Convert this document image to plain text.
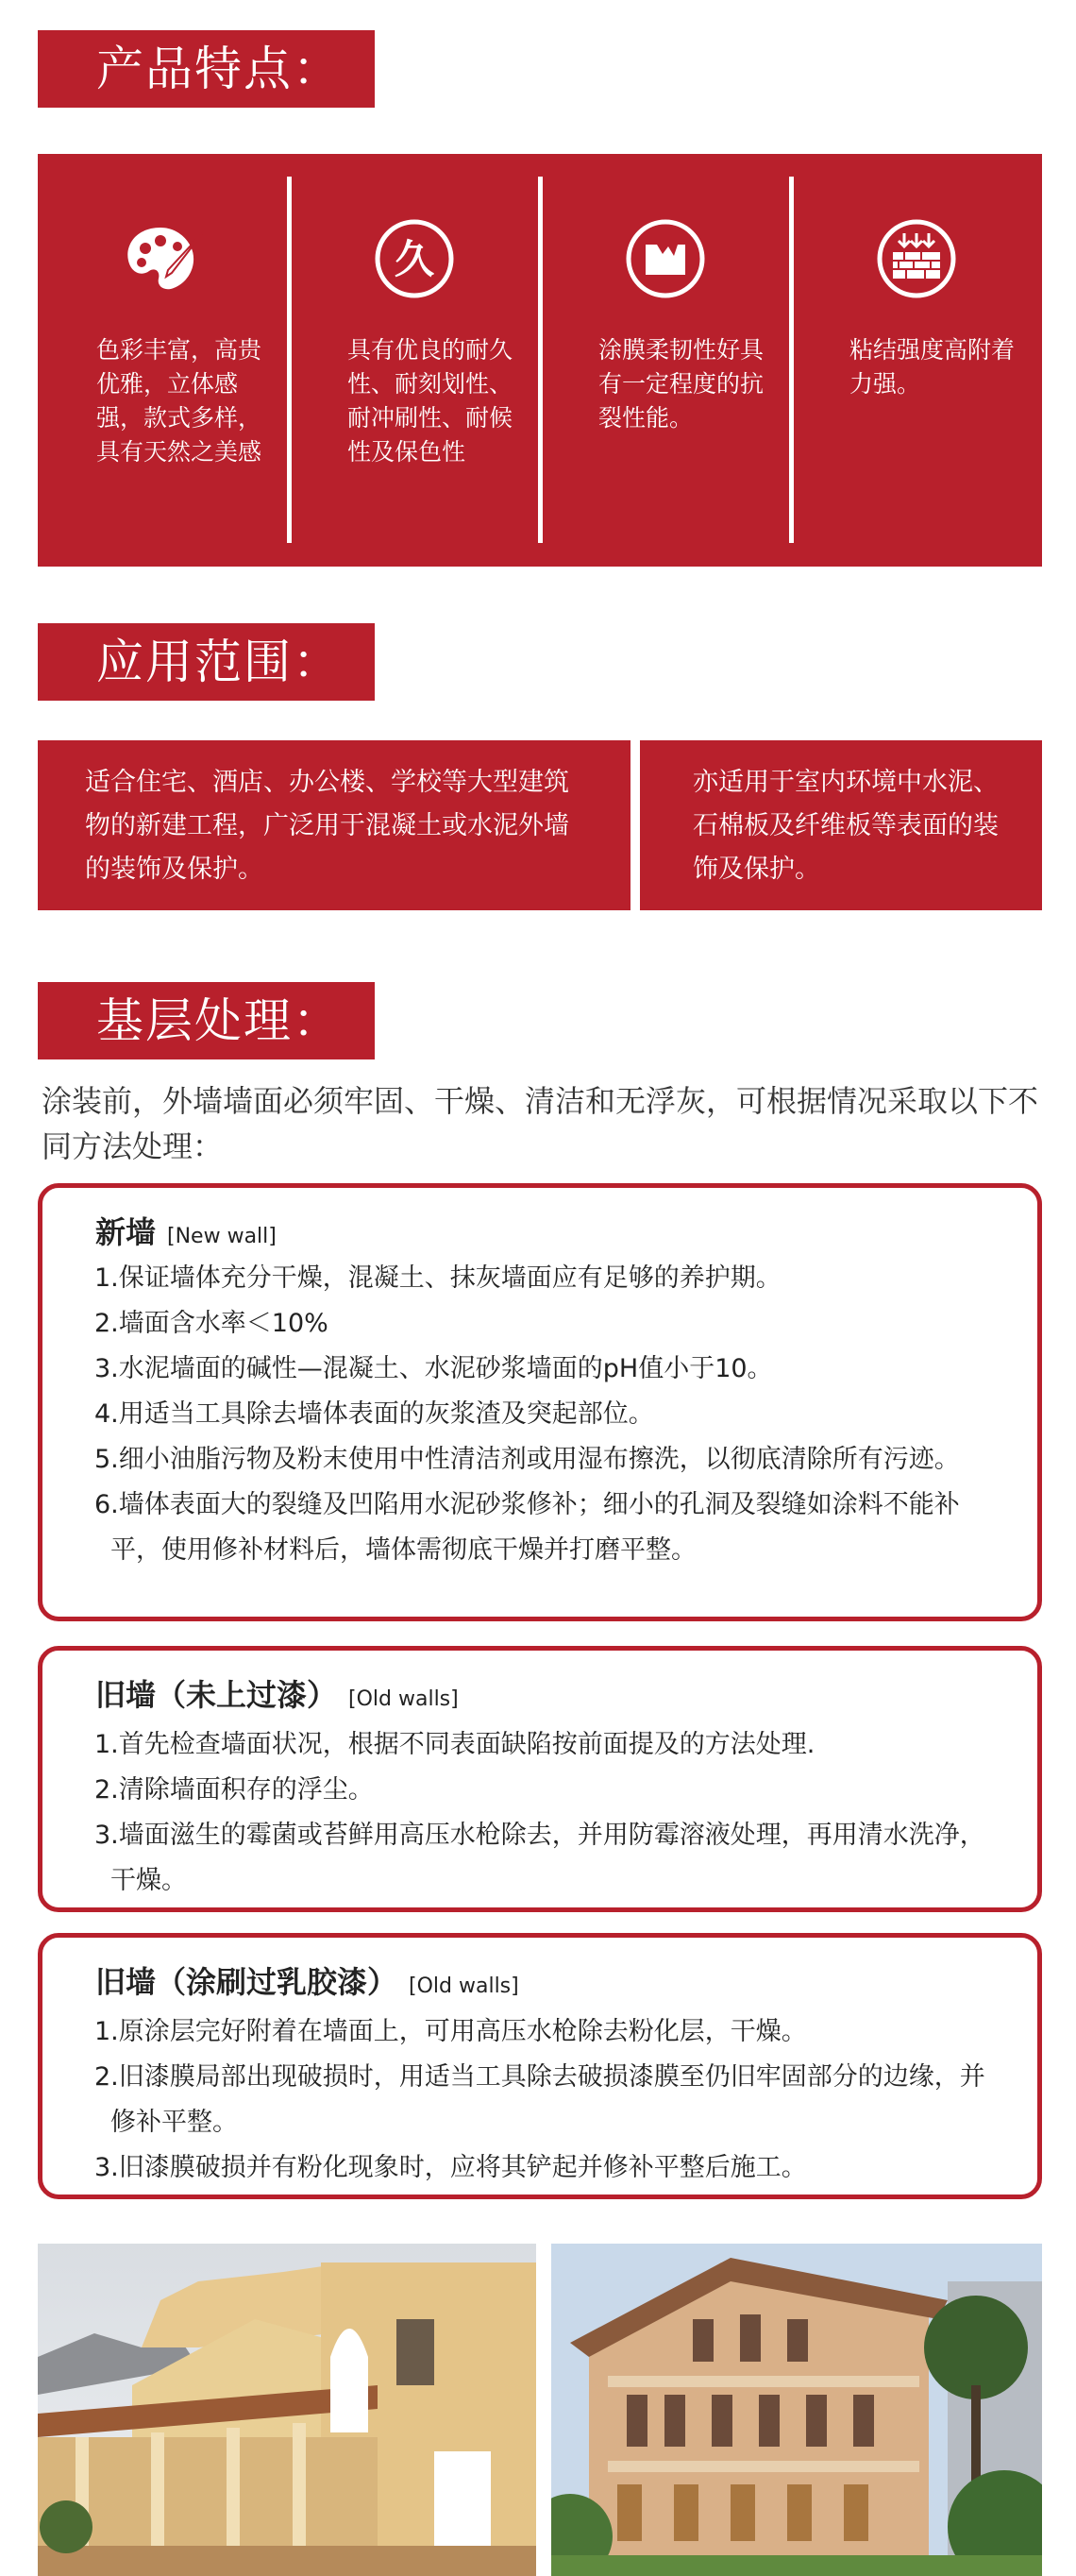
产品特点：
色彩丰富，高贵优雅，立体感强，款式多样，具有天然之美感
久
具有优良的耐久性、耐刻划性、耐冲刷性、耐候性及保色性
涂膜柔韧性好具有一定程度的抗裂性能。
粘结强度高附着力强。
应用范围：
适合住宅、酒店、办公楼、学校等大型建筑物的新建工程，广泛用于混凝土或水泥外墙的装饰及保护。
亦适用于室内环境中水泥、石棉板及纤维板等表面的装饰及保护。
基层处理：
涂装前，外墙墙面必须牢固、干燥、清洁和无浮灰，可根据情况采取以下不同方法处理：
新墙 [New wall]
1.保证墙体充分干燥，混凝土、抹灰墙面应有足够的养护期。
2.墙面含水率＜10%
3.水泥墙面的碱性—混凝土、水泥砂浆墙面的pH值小于10。
4.用适当工具除去墙体表面的灰浆渣及突起部位。
5.细小油脂污物及粉末使用中性清洁剂或用湿布擦洗，以彻底清除所有污迹。
6.墙体表面大的裂缝及凹陷用水泥砂浆修补；细小的孔洞及裂缝如涂料不能补平，使用修补材料后，墙体需彻底干燥并打磨平整。
旧墙（未上过漆） [Old walls]
1.首先检查墙面状况，根据不同表面缺陷按前面提及的方法处理.
2.清除墙面积存的浮尘。
3.墙面滋生的霉菌或苔鲜用高压水枪除去，并用防霉溶液处理，再用清水洗净，干燥。
旧墙（涂刷过乳胶漆） [Old walls]
1.原涂层完好附着在墙面上，可用高压水枪除去粉化层，干燥。
2.旧漆膜局部出现破损时，用适当工具除去破损漆膜至仍旧牢固部分的边缘，并修补平整。
3.旧漆膜破损并有粉化现象时，应将其铲起并修补平整后施工。
